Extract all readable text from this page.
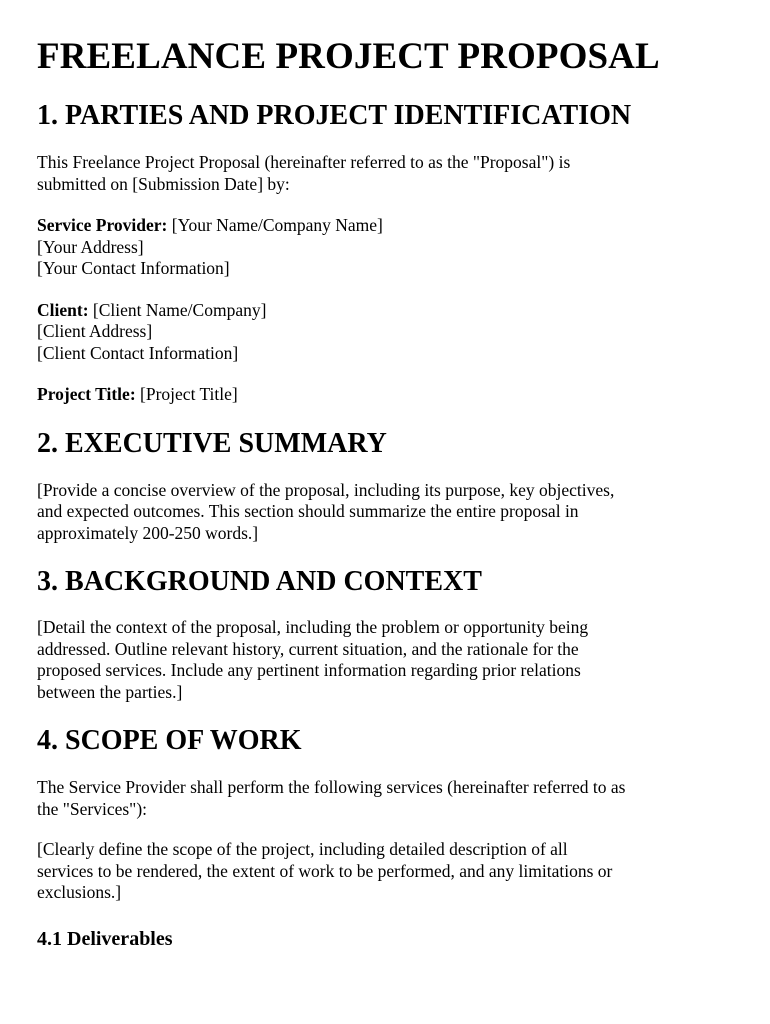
FREELANCE PROJECT PROPOSAL
1. PARTIES AND PROJECT IDENTIFICATION

This Freelance Project Proposal (hereinafter referred to as the "Proposal") is
submitted on [Submission Date] by:

Service Provider: [Your Name/Company Name]
[Your Address]
[Your Contact Information]

Client: [Client Name/Company]
[Client Address]
[Client Contact Information]

Project Title: [Project Title]

2. EXECUTIVE SUMMARY

[Provide a concise overview of the proposal, including its purpose, key objectives,
and expected outcomes. This section should summarize the entire proposal in
approximately 200-250 words.]

3. BACKGROUND AND CONTEXT

[Detail the context of the proposal, including the problem or opportunity being
addressed. Outline relevant history, current situation, and the rationale for the
proposed services. Include any pertinent information regarding prior relations
between the parties.]

4. SCOPE OF WORK

The Service Provider shall perform the following services (hereinafter referred to as
the "Services"):

[Clearly define the scope of the project, including detailed description of all
services to be rendered, the extent of work to be performed, and any limitations or
exclusions.]

4.1 Deliverables
